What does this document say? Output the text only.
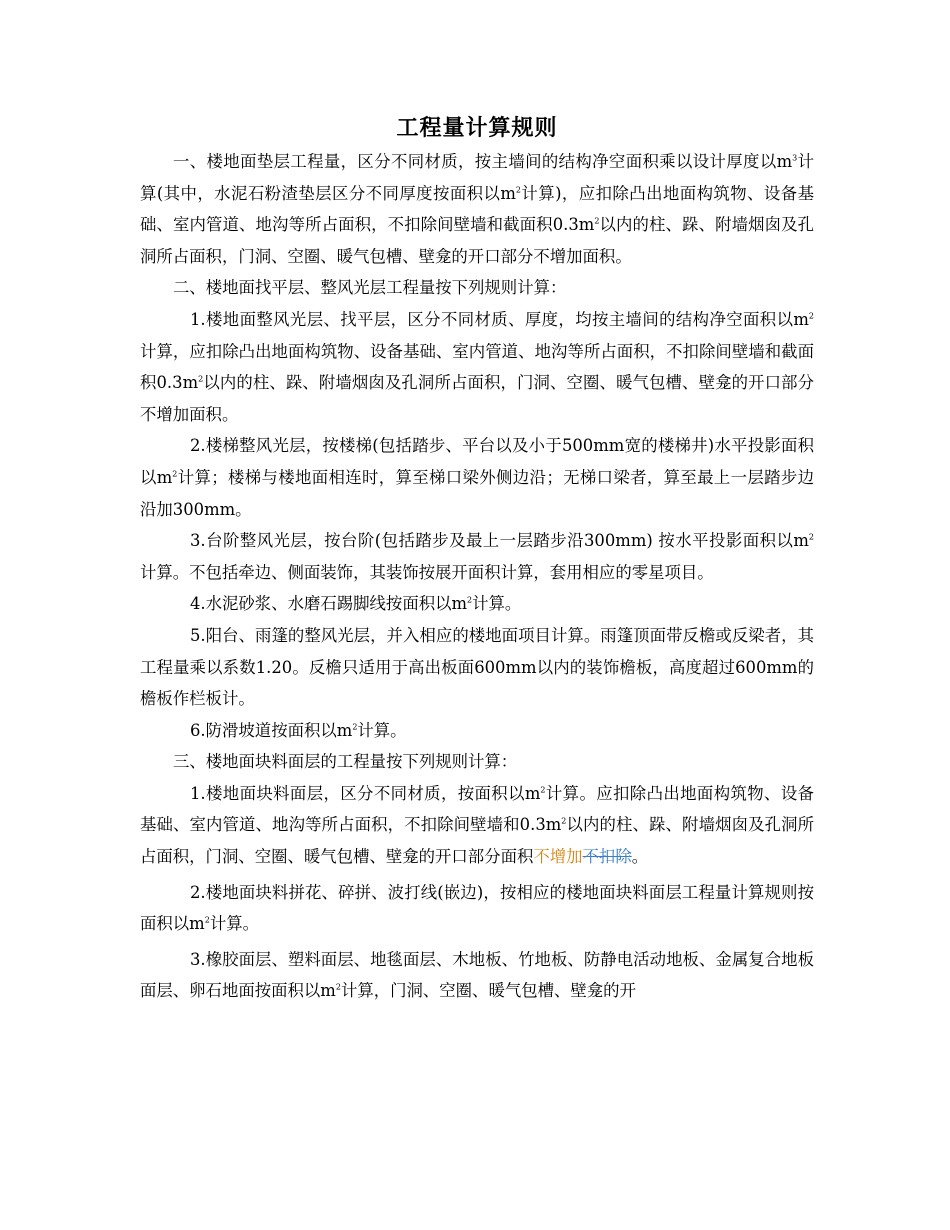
工程量计算规则

一、楼地面垫层工程量，区分不同材质，按主墙间的结构净空面积乘以设计厚度以$m^3$计算(其中，水泥石粉渣垫层区分不同厚度按面积以$m^2$计算)，应扣除凸出地面构筑物、设备基础、室内管道、地沟等所占面积，不扣除间壁墙和截面积$0.3m^2$以内的柱、跺、附墙烟囱及孔洞所占面积，门洞、空圈、暖气包槽、壁龛的开口部分不增加面积。

二、楼地面找平层、整风光层工程量按下列规则计算：

1.楼地面整风光层、找平层，区分不同材质、厚度，均按主墙间的结构净空面积以$m^2$计算，应扣除凸出地面构筑物、设备基础、室内管道、地沟等所占面积，不扣除间壁墙和截面积$0.3m^2$以内的柱、跺、附墙烟囱及孔洞所占面积，门洞、空圈、暖气包槽、壁龛的开口部分不增加面积。

2.楼梯整风光层，按楼梯(包括踏步、平台以及小于500mm宽的楼梯井)水平投影面积以$m^2$计算；楼梯与楼地面相连时，算至梯口梁外侧边沿；无梯口梁者，算至最上一层踏步边沿加300mm。

3.台阶整风光层，按台阶(包括踏步及最上一层踏步沿300mm) 按水平投影面积以$m^2$计算。不包括牵边、侧面装饰，其装饰按展开面积计算，套用相应的零星项目。

4.水泥砂浆、水磨石踢脚线按面积以$m^2$计算。

5.阳台、雨篷的整风光层，并入相应的楼地面项目计算。雨篷顶面带反檐或反梁者，其工程量乘以系数1.20。反檐只适用于高出板面600mm以内的装饰檐板，高度超过600mm的檐板作栏板计。

6.防滑坡道按面积以$m^2$计算。

三、楼地面块料面层的工程量按下列规则计算：

1.楼地面块料面层，区分不同材质，按面积以$m^2$计算。应扣除凸出地面构筑物、设备基础、室内管道、地沟等所占面积，不扣除间壁墙和$0.3m^2$以内的柱、跺、附墙烟囱及孔洞所占面积，门洞、空圈、暖气包槽、壁龛的开口部分面积不增加不扣除。

2.楼地面块料拼花、碎拼、波打线(嵌边)，按相应的楼地面块料面层工程量计算规则按面积以$m^2$计算。

3.橡胶面层、塑料面层、地毯面层、木地板、竹地板、防静电活动地板、金属复合地板面层、卵石地面按面积以$m^2$计算，门洞、空圈、暖气包槽、壁龛的开
